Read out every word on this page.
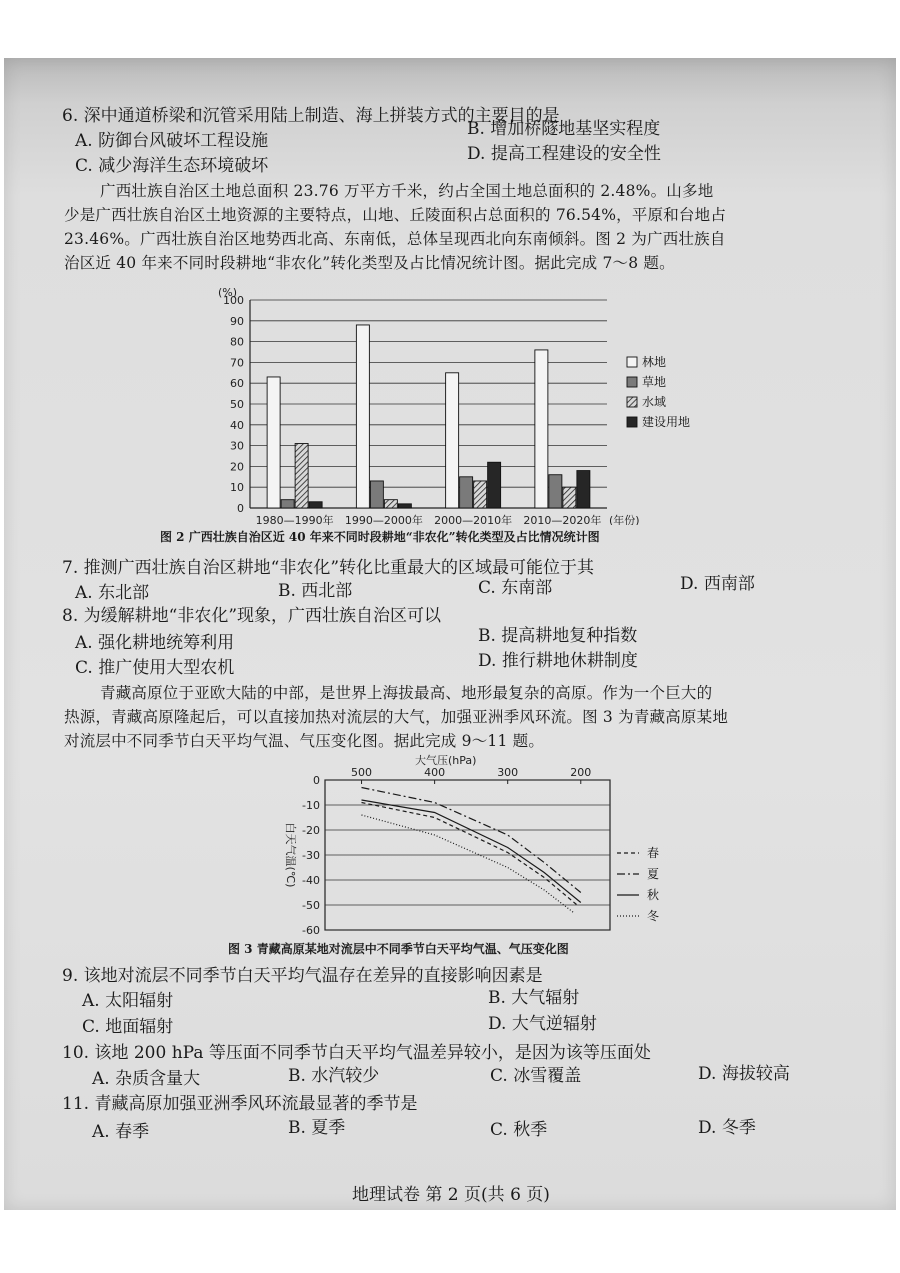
6. 深中通道桥梁和沉管采用陆上制造、海上拼装方式的主要目的是
A. 防御台风破坏工程设施
B. 增加桥隧地基坚实程度
C. 减少海洋生态环境破坏
D. 提高工程建设的安全性
广西壮族自治区土地总面积 23.76 万平方千米，约占全国土地总面积的 2.48%。山多地
少是广西壮族自治区土地资源的主要特点，山地、丘陵面积占总面积的 76.54%，平原和台地占
23.46%。广西壮族自治区地势西北高、东南低，总体呈现西北向东南倾斜。图 2 为广西壮族自
治区近 40 年来不同时段耕地“非农化”转化类型及占比情况统计图。据此完成 7～8 题。
0
10
20
30
40
50
60
70
80
90
100
(%)
1980—1990年 1990—2000年 2000—2010年 2010—2020年 (年份)
林地
草地
水域
建设用地
图 2 广西壮族自治区近 40 年来不同时段耕地“非农化”转化类型及占比情况统计图
7. 推测广西壮族自治区耕地“非农化”转化比重最大的区域最可能位于其
A. 东北部	B. 西北部	C. 东南部	D. 西南部
8. 为缓解耕地“非农化”现象，广西壮族自治区可以
A. 强化耕地统筹利用	B. 提高耕地复种指数
C. 推广使用大型农机	D. 推行耕地休耕制度
青藏高原位于亚欧大陆的中部，是世界上海拔最高、地形最复杂的高原。作为一个巨大的
热源，青藏高原隆起后，可以直接加热对流层的大气，加强亚洲季风环流。图 3 为青藏高原某地
对流层中不同季节白天平均气温、气压变化图。据此完成 9～11 题。
0
-10
-20
-30
-40
-50
-60
500	400	300	200
大气压(hPa)
白天气温(℃)	春
夏
秋
冬
图 3 青藏高原某地对流层中不同季节白天平均气温、气压变化图
9. 该地对流层不同季节白天平均气温存在差异的直接影响因素是
A. 太阳辐射	B. 大气辐射
C. 地面辐射	D. 大气逆辐射
10. 该地 200 hPa 等压面不同季节白天平均气温差异较小，是因为该等压面处
A. 杂质含量大	B. 水汽较少	C. 冰雪覆盖	D. 海拔较高
11. 青藏高原加强亚洲季风环流最显著的季节是
A. 春季	B. 夏季	C. 秋季	D. 冬季
地理试卷 第 2 页(共 6 页)
